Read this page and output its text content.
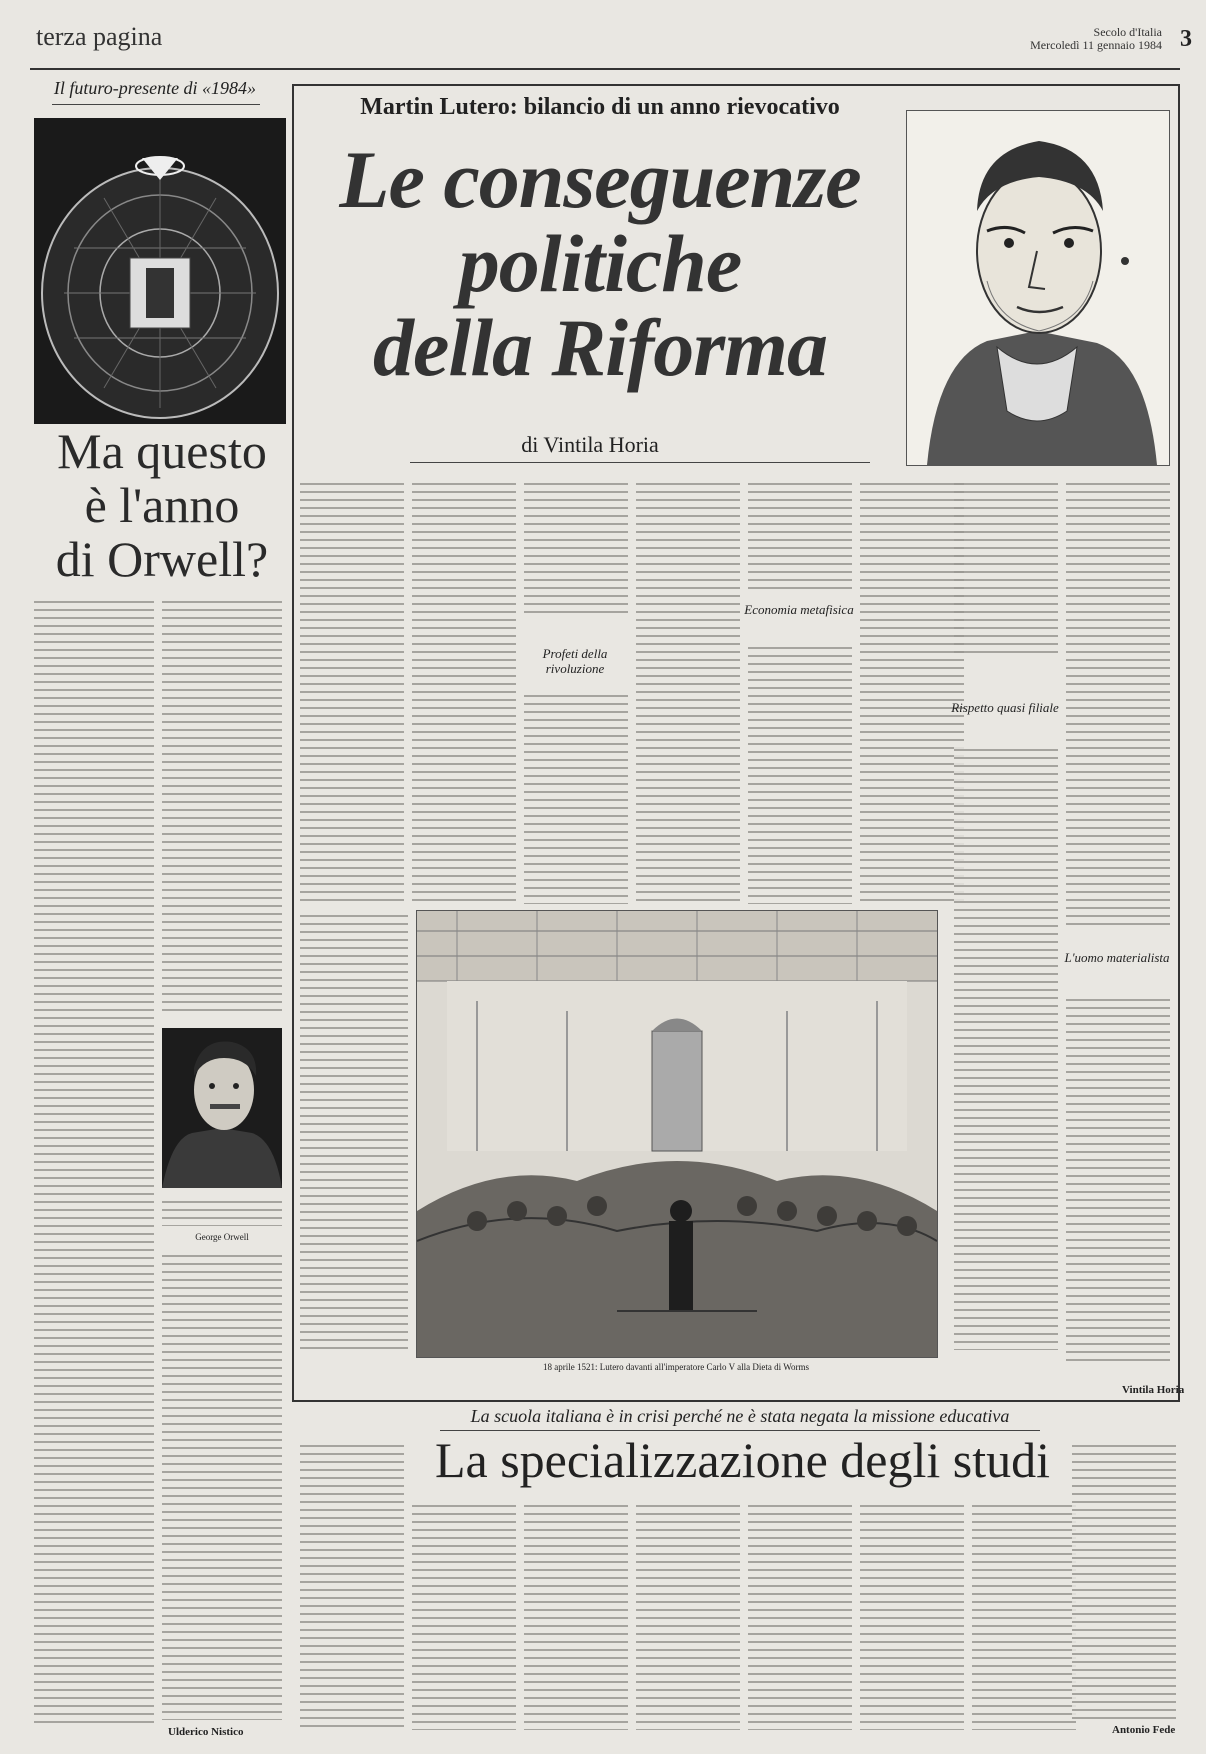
terza pagina	Secolo d'Italia
Mercoledì 11 gennaio 1984 3
Il futuro-presente di «1984»
Ma questo
è l'anno
di Orwell?
George Orwell
Ulderico Nistico
Martin Lutero: bilancio di un anno rievocativo
Le conseguenze
politiche
della Riforma
di Vintila Horia
Profeti della rivoluzione
Economia metafisica
Rispetto quasi filiale
L'uomo materialista
18 aprile 1521: Lutero davanti all'imperatore Carlo V alla Dieta di Worms
Vintila Horia
La scuola italiana è in crisi perché ne è stata negata la missione educativa
La specializzazione degli studi
Antonio Fede
